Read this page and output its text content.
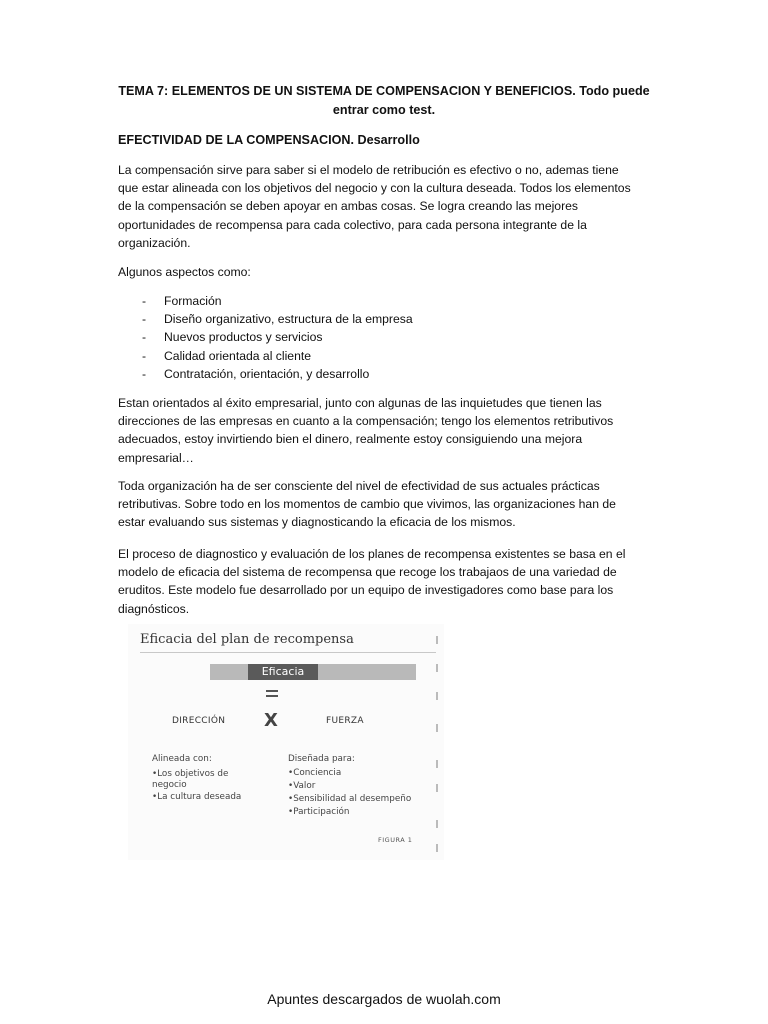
TEMA 7: ELEMENTOS DE UN SISTEMA DE COMPENSACION Y BENEFICIOS. Todo puede entrar como test.
EFECTIVIDAD DE LA COMPENSACION. Desarrollo

La compensación sirve para saber si el modelo de retribución es efectivo o no, ademas tiene que estar alineada con los objetivos del negocio y con la cultura deseada. Todos los elementos de la compensación se deben apoyar en ambas cosas. Se logra creando las mejores oportunidades de recompensa para cada colectivo, para cada persona integrante de la organización.

Algunos aspectos como:

- Formación
- Diseño organizativo, estructura de la empresa
- Nuevos productos y servicios
- Calidad orientada al cliente
- Contratación, orientación, y desarrollo

Estan orientados al éxito empresarial, junto con algunas de las inquietudes que tienen las direcciones de las empresas en cuanto a la compensación; tengo los elementos retributivos adecuados, estoy invirtiendo bien el dinero, realmente estoy consiguiendo una mejora empresarial…

Toda organización ha de ser consciente del nivel de efectividad de sus actuales prácticas retributivas. Sobre todo en los momentos de cambio que vivimos, las organizaciones han de estar evaluando sus sistemas y diagnosticando la eficacia de los mismos.

El proceso de diagnostico y evaluación de los planes de recompensa existentes se basa en el modelo de eficacia del sistema de recompensa que recoge los trabajaos de una variedad de eruditos. Este modelo fue desarrollado por un equipo de investigadores como base para los diagnósticos.

Eficacia del plan de recompensa
Eficacia
DIRECCIÓN X	FUERZA

Alineada con:

•Los objetivos de negocio
•La cultura deseada

Diseñada para:

•Conciencia
•Valor
•Sensibilidad al desempeño
•Participación
FIGURA 1
Apuntes descargados de wuolah.com
